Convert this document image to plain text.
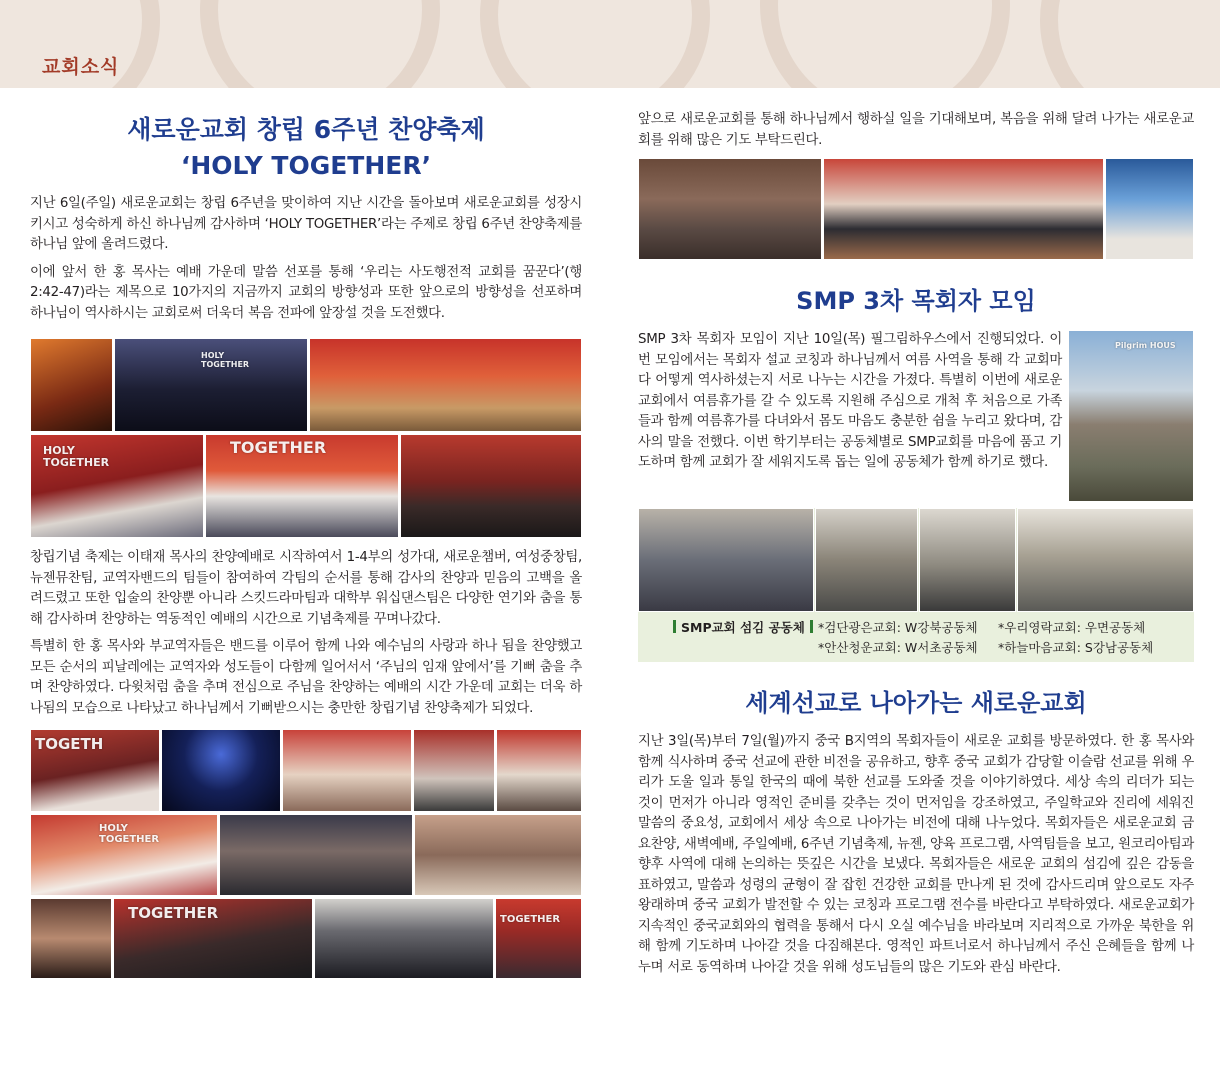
교회소식
새로운교회 창립 6주년 찬양축제
‘HOLY TOGETHER’

지난 6일(주일) 새로운교회는 창립 6주년을 맞이하여 지난 시간을 돌아보며 새로운교회를 성장시키시고 성숙하게 하신 하나님께 감사하며 ‘HOLY TOGETHER’라는 주제로 창립 6주년 찬양축제를 하나님 앞에 올려드렸다.

이에 앞서 한 홍 목사는 예배 가운데 말씀 선포를 통해 ‘우리는 사도행전적 교회를 꿈꾼다’(행 2:42-47)라는 제목으로 10가지의 지금까지 교회의 방향성과 또한 앞으로의 방향성을 선포하며 하나님이 역사하시는 교회로써 더욱더 복음 전파에 앞장설 것을 도전했다.

HOLY
TOGETHER
HOLY
TOGETHER
TOGETHER

창립기념 축제는 이태재 목사의 찬양예배로 시작하여서 1-4부의 성가대, 새로운챔버, 여성중창팀, 뉴젠뮤찬팀, 교역자밴드의 팀들이 참여하여 각팀의 순서를 통해 감사의 찬양과 믿음의 고백을 올려드렸고 또한 입술의 찬양뿐 아니라 스킷드라마팀과 대학부 워십댄스팀은 다양한 연기와 춤을 통해 감사하며 찬양하는 역동적인 예배의 시간으로 기념축제를 꾸며나갔다.

특별히 한 홍 목사와 부교역자들은 밴드를 이루어 함께 나와 예수님의 사랑과 하나 됨을 찬양했고 모든 순서의 피날레에는 교역자와 성도들이 다함께 일어서서 ‘주님의 임재 앞에서’를 기뻐 춤을 추며 찬양하였다. 다윗처럼 춤을 추며 전심으로 주님을 찬양하는 예배의 시간 가운데 교회는 더욱 하나됨의 모습으로 나타났고 하나님께서 기뻐받으시는 충만한 창립기념 찬양축제가 되었다.

TOGETH
HOLY
TOGETHER
TOGETHER	TOGETHER

앞으로 새로운교회를 통해 하나님께서 행하실 일을 기대해보며, 복음을 위해 달려 나가는 새로운교회를 위해 많은 기도 부탁드린다.

SMP 3차 목회자 모임

SMP 3차 목회자 모임이 지난 10일(목) 필그림하우스에서 진행되었다. 이번 모임에서는 목회자 설교 코칭과 하나님께서 여름 사역을 통해 각 교회마다 어떻게 역사하셨는지 서로 나누는 시간을 가졌다. 특별히 이번에 새로운교회에서 여름휴가를 갈 수 있도록 지원해 주심으로 개척 후 처음으로 가족들과 함께 여름휴가를 다녀와서 몸도 마음도 충분한 쉼을 누리고 왔다며, 감사의 말을 전했다. 이번 학기부터는 공동체별로 SMP교회를 마음에 품고 기도하며 함께 교회가 잘 세워지도록 돕는 일에 공동체가 함께 하기로 했다.

Pilgrim HOUS
SMP교회 섬김 공동체	*검단광은교회: W강북공동체 *우리영락교회: 우면공동체
*안산청운교회: W서초공동체 *하늘마음교회: S강남공동체
세계선교로 나아가는 새로운교회

지난 3일(목)부터 7일(월)까지 중국 B지역의 목회자들이 새로운 교회를 방문하였다. 한 홍 목사와 함께 식사하며 중국 선교에 관한 비전을 공유하고, 향후 중국 교회가 감당할 이슬람 선교를 위해 우리가 도울 일과 통일 한국의 때에 북한 선교를 도와줄 것을 이야기하였다. 세상 속의 리더가 되는 것이 먼저가 아니라 영적인 준비를 갖추는 것이 먼저임을 강조하였고, 주일학교와 진리에 세워진 말씀의 중요성, 교회에서 세상 속으로 나아가는 비전에 대해 나누었다. 목회자들은 새로운교회 금요찬양, 새벽예배, 주일예배, 6주년 기념축제, 뉴젠, 양육 프로그램, 사역팀들을 보고, 원코리아팀과 향후 사역에 대해 논의하는 뜻깊은 시간을 보냈다. 목회자들은 새로운 교회의 섬김에 깊은 감동을 표하였고, 말씀과 성령의 균형이 잘 잡힌 건강한 교회를 만나게 된 것에 감사드리며 앞으로도 자주 왕래하며 중국 교회가 발전할 수 있는 코칭과 프로그램 전수를 바란다고 부탁하였다. 새로운교회가 지속적인 중국교회와의 협력을 통해서 다시 오실 예수님을 바라보며 지리적으로 가까운 북한을 위해 함께 기도하며 나아갈 것을 다짐해본다. 영적인 파트너로서 하나님께서 주신 은혜들을 함께 나누며 서로 동역하며 나아갈 것을 위해 성도님들의 많은 기도와 관심 바란다.
